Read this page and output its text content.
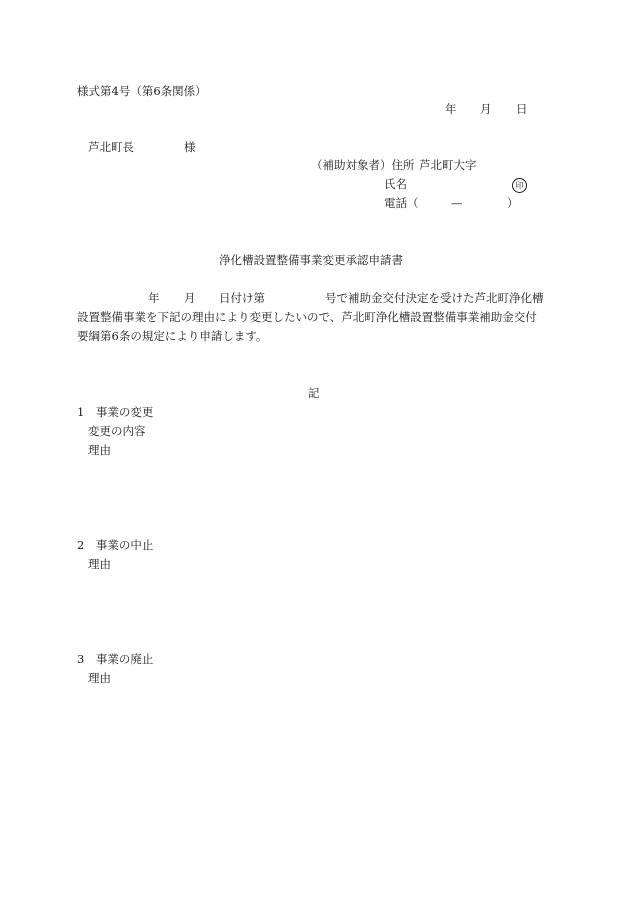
様式第4号（第6条関係）
年 月 日
芦北町長	様
（補助対象者）住所 芦北町大字
氏名	印
電話（	—	）
浄化槽設置整備事業変更承認申請書
年 月 日付け第	号で補助金交付決定を受けた芦北町浄化槽
設置整備事業を下記の理由により変更したいので、芦北町浄化槽設置整備事業補助金交付
要綱第6条の規定により申請します。
記
1　事業の変更
変更の内容
理由
2　事業の中止
理由
3　事業の廃止
理由
